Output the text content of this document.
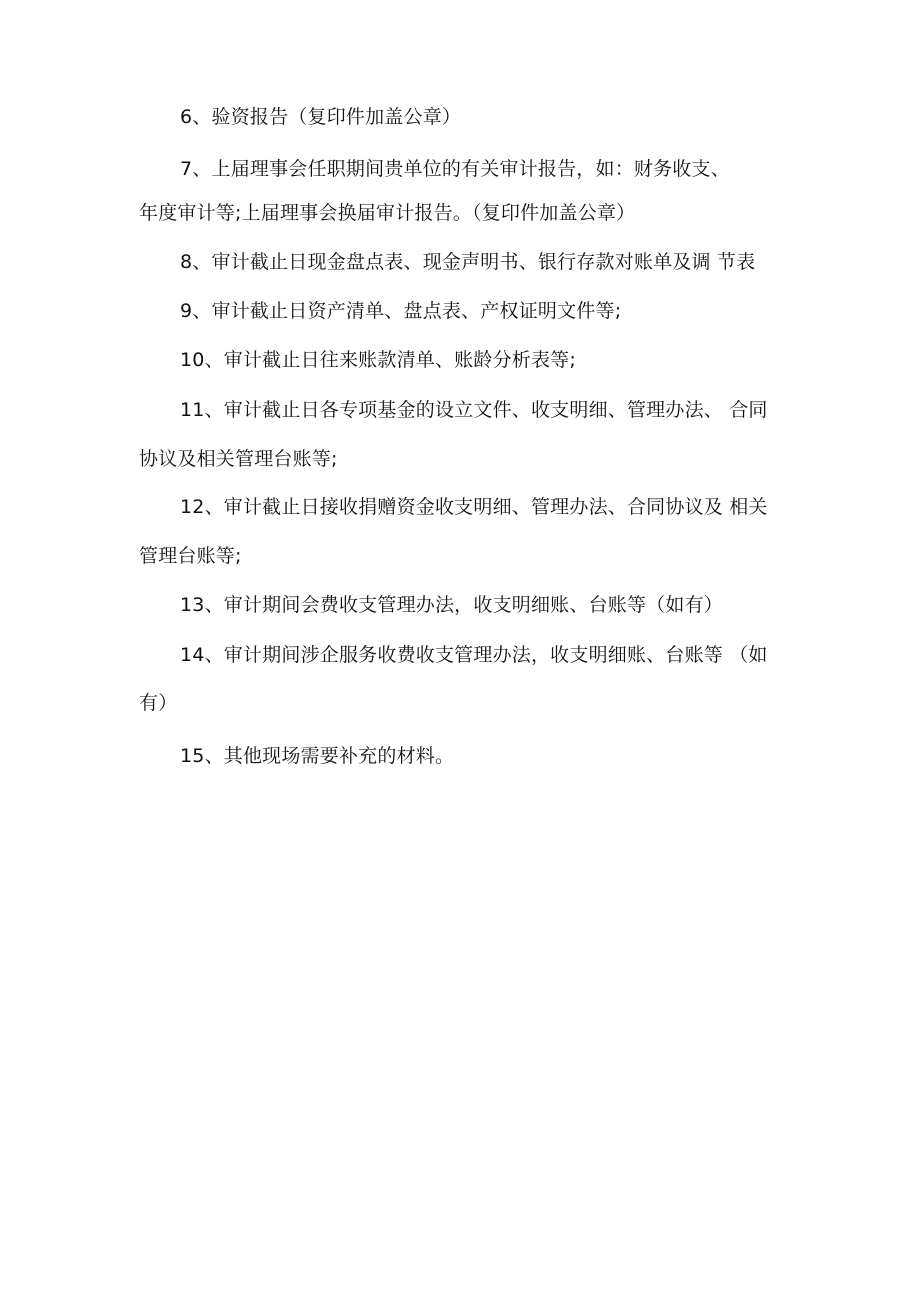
6、验资报告（复印件加盖公章）
7、上届理事会任职期间贵单位的有关审计报告，如：财务收支、
年度审计等;上届理事会换届审计报告。（复印件加盖公章）
8、审计截止日现金盘点表、现金声明书、银行存款对账单及调 节表
9、审计截止日资产清单、盘点表、产权证明文件等;
10、审计截止日往来账款清单、账龄分析表等;
11、审计截止日各专项基金的设立文件、收支明细、管理办法、 合同
协议及相关管理台账等;
12、审计截止日接收捐赠资金收支明细、管理办法、合同协议及 相关
管理台账等;
13、审计期间会费收支管理办法，收支明细账、台账等（如有）
14、审计期间涉企服务收费收支管理办法，收支明细账、台账等 （如
有）
15、其他现场需要补充的材料。
